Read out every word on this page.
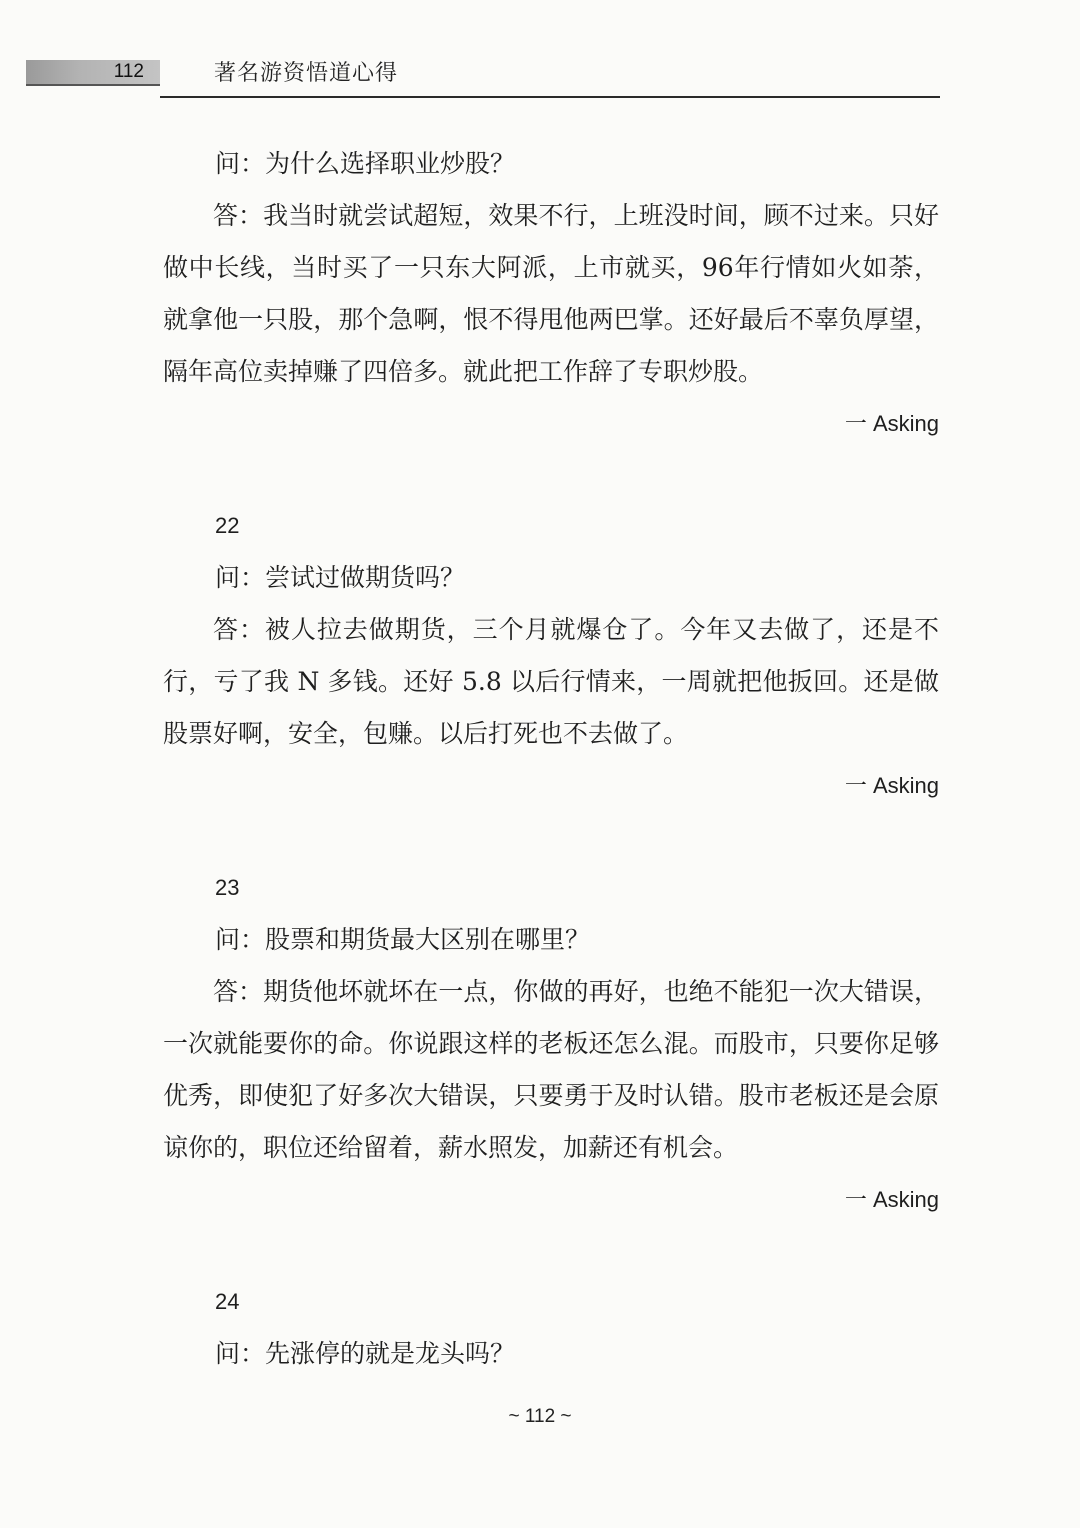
112	著名游资悟道心得

问：为什么选择职业炒股？

答：我当时就尝试超短，效果不行，上班没时间，顾不过来。只好做中长线，当时买了一只东大阿派，上市就买，96年行情如火如荼，就拿他一只股，那个急啊，恨不得甩他两巴掌。还好最后不辜负厚望，隔年高位卖掉赚了四倍多。就此把工作辞了专职炒股。

一 Asking

22

问：尝试过做期货吗？

答：被人拉去做期货，三个月就爆仓了。今年又去做了，还是不行，亏了我 N 多钱。还好 5.8 以后行情来，一周就把他扳回。还是做股票好啊，安全，包赚。以后打死也不去做了。

一 Asking

23

问：股票和期货最大区别在哪里？

答：期货他坏就坏在一点，你做的再好，也绝不能犯一次大错误，一次就能要你的命。你说跟这样的老板还怎么混。而股市，只要你足够优秀，即使犯了好多次大错误，只要勇于及时认错。股市老板还是会原谅你的，职位还给留着，薪水照发，加薪还有机会。

一 Asking

24

问：先涨停的就是龙头吗？

~ 112 ~
